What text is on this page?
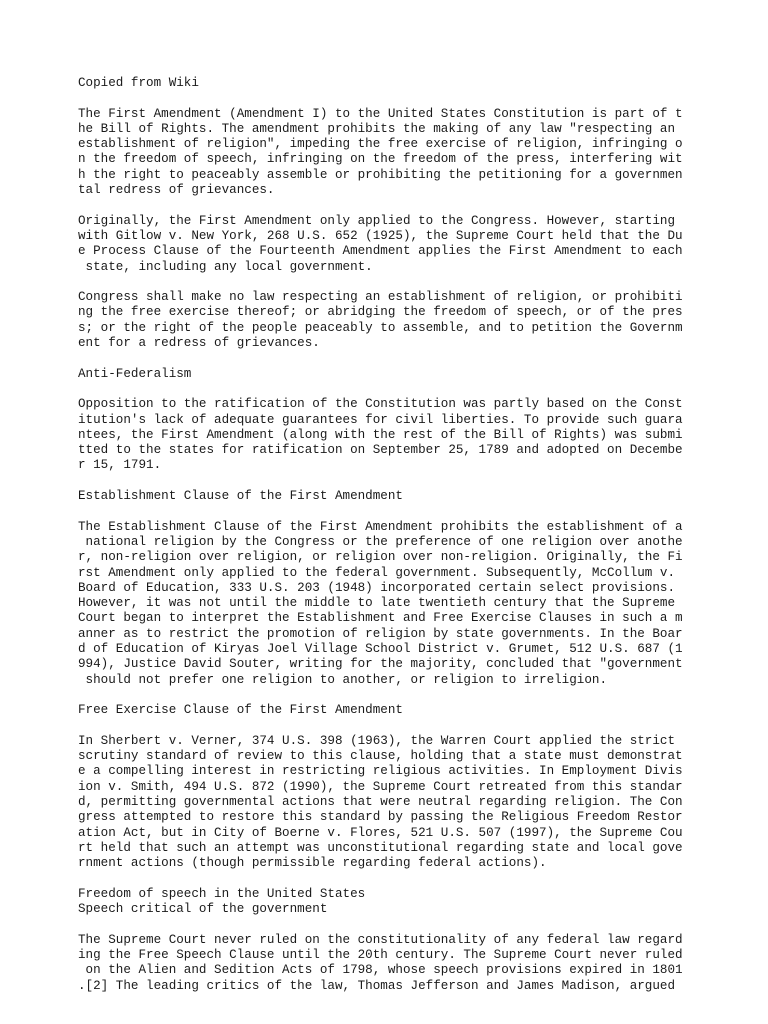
Copied from Wiki
The First Amendment (Amendment I) to the United States Constitution is part of t
he Bill of Rights. The amendment prohibits the making of any law "respecting an
establishment of religion", impeding the free exercise of religion, infringing o
n the freedom of speech, infringing on the freedom of the press, interfering wit
h the right to peaceably assemble or prohibiting the petitioning for a governmen
tal redress of grievances.
Originally, the First Amendment only applied to the Congress. However, starting
with Gitlow v. New York, 268 U.S. 652 (1925), the Supreme Court held that the Du
e Process Clause of the Fourteenth Amendment applies the First Amendment to each
state, including any local government.
Congress shall make no law respecting an establishment of religion, or prohibiti
ng the free exercise thereof; or abridging the freedom of speech, or of the pres
s; or the right of the people peaceably to assemble, and to petition the Governm
ent for a redress of grievances.
Anti-Federalism
Opposition to the ratification of the Constitution was partly based on the Const
itution's lack of adequate guarantees for civil liberties. To provide such guara
ntees, the First Amendment (along with the rest of the Bill of Rights) was submi
tted to the states for ratification on September 25, 1789 and adopted on Decembe
r 15, 1791.
Establishment Clause of the First Amendment
The Establishment Clause of the First Amendment prohibits the establishment of a
national religion by the Congress or the preference of one religion over anothe
r, non-religion over religion, or religion over non-religion. Originally, the Fi
rst Amendment only applied to the federal government. Subsequently, McCollum v.
Board of Education, 333 U.S. 203 (1948) incorporated certain select provisions.
However, it was not until the middle to late twentieth century that the Supreme
Court began to interpret the Establishment and Free Exercise Clauses in such a m
anner as to restrict the promotion of religion by state governments. In the Boar
d of Education of Kiryas Joel Village School District v. Grumet, 512 U.S. 687 (1
994), Justice David Souter, writing for the majority, concluded that "government
should not prefer one religion to another, or religion to irreligion.
Free Exercise Clause of the First Amendment
In Sherbert v. Verner, 374 U.S. 398 (1963), the Warren Court applied the strict
scrutiny standard of review to this clause, holding that a state must demonstrat
e a compelling interest in restricting religious activities. In Employment Divis
ion v. Smith, 494 U.S. 872 (1990), the Supreme Court retreated from this standar
d, permitting governmental actions that were neutral regarding religion. The Con
gress attempted to restore this standard by passing the Religious Freedom Restor
ation Act, but in City of Boerne v. Flores, 521 U.S. 507 (1997), the Supreme Cou
rt held that such an attempt was unconstitutional regarding state and local gove
rnment actions (though permissible regarding federal actions).
Freedom of speech in the United States
Speech critical of the government
The Supreme Court never ruled on the constitutionality of any federal law regard
ing the Free Speech Clause until the 20th century. The Supreme Court never ruled
on the Alien and Sedition Acts of 1798, whose speech provisions expired in 1801
.[2] The leading critics of the law, Thomas Jefferson and James Madison, argued
